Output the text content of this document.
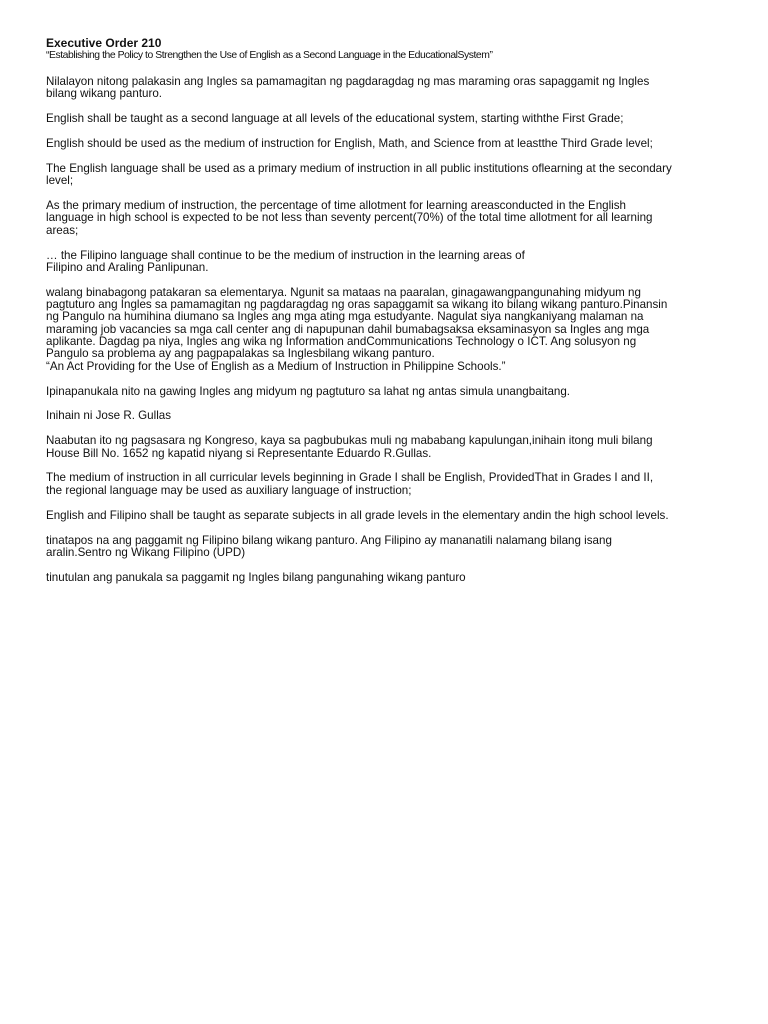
Executive Order 210
“Establishing the Policy to Strengthen the Use of English as a Second Language in the EducationalSystem”
Nilalayon nitong palakasin ang Ingles sa pamamagitan ng pagdaragdag ng mas maraming oras sapaggamit ng Ingles
bilang wikang panturo.
English shall be taught as a second language at all levels of the educational system, starting withthe First Grade;
English should be used as the medium of instruction for English, Math, and Science from at leastthe Third Grade level;
The English language shall be used as a primary medium of instruction in all public institutions oflearning at the secondary
level;
As the primary medium of instruction, the percentage of time allotment for learning areasconducted in the English
language in high school is expected to be not less than seventy percent(70%) of the total time allotment for all learning
areas;
… the Filipino language shall continue to be the medium of instruction in the learning areas of
Filipino and Araling Panlipunan.
walang binabagong patakaran sa elementarya. Ngunit sa mataas na paaralan, ginagawangpangunahing midyum ng
pagtuturo ang Ingles sa pamamagitan ng pagdaragdag ng oras sapaggamit sa wikang ito bilang wikang panturo.Pinansin
ng Pangulo na humihina diumano sa Ingles ang mga ating mga estudyante. Nagulat siya nangkaniyang malaman na
maraming job vacancies sa mga call center ang di napupunan dahil bumabagsaksa eksaminasyon sa Ingles ang mga
aplikante. Dagdag pa niya, Ingles ang wika ng Information andCommunications Technology o ICT. Ang solusyon ng
Pangulo sa problema ay ang pagpapalakas sa Inglesbilang wikang panturo.
“An Act Providing for the Use of English as a Medium of Instruction in Philippine Schools.”
Ipinapanukala nito na gawing Ingles ang midyum ng pagtuturo sa lahat ng antas simula unangbaitang.
Inihain ni Jose R. Gullas
Naabutan ito ng pagsasara ng Kongreso, kaya sa pagbubukas muli ng mababang kapulungan,inihain itong muli bilang
House Bill No. 1652 ng kapatid niyang si Representante Eduardo R.Gullas.
The medium of instruction in all curricular levels beginning in Grade I shall be English, ProvidedThat in Grades I and II,
the regional language may be used as auxiliary language of instruction;
English and Filipino shall be taught as separate subjects in all grade levels in the elementary andin the high school levels.
tinatapos na ang paggamit ng Filipino bilang wikang panturo. Ang Filipino ay mananatili nalamang bilang isang
aralin.Sentro ng Wikang Filipino (UPD)
tinutulan ang panukala sa paggamit ng Ingles bilang pangunahing wikang panturo
